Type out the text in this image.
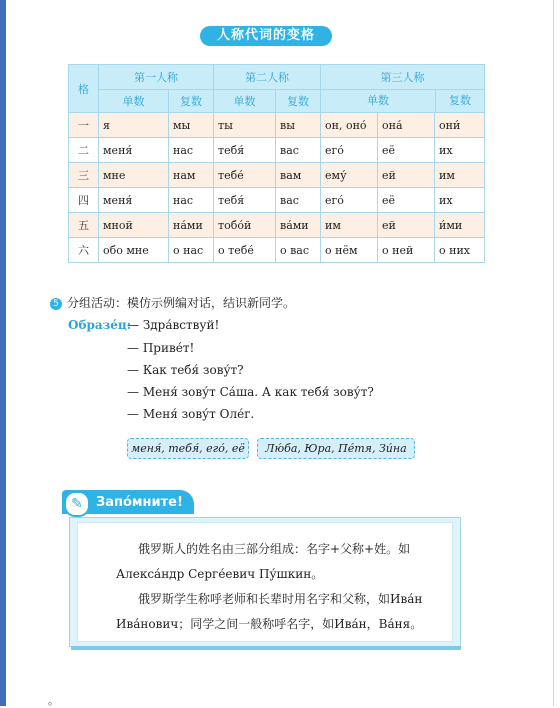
人称代词的变格
格	第一人称		第二人称		第三人称		
	单数	复数	单数	复数	单数 复数		

一	я	мы	ты	вы	он, оно́	она́	они́
二	меня́	нас	тебя́	вас	его́	её	их
三	мне	нам	тебе́	вам	ему́	ей	им
四	меня́	нас	тебя́	вас	его́	её	их
五	мной	на́ми	тобо́й	ва́ми	им	ей	и́ми
六	обо мне	о нас	о тебе́	о вас	о нём	о ней	о них
5 分组活动：模仿示例编对话，结识新同学。
Образе́ц:
— Здра́вствуй!
— Приве́т!
— Как тебя́ зову́т?
— Меня́ зову́т Са́ша. А как тебя́ зову́т?
— Меня́ зову́т Оле́г.
меня́, тебя́, его́, её	Лю́ба, Юра, Пе́тя, Зи́на
✎	Запо́мните!
俄罗斯人的姓名由三部分组成：名字+父称+姓。如
Алекса́ндр Серге́евич Пу́шкин。
俄罗斯学生称呼老师和长辈时用名字和父称，如Ива́н
Ива́нович；同学之间一般称呼名字，如Ива́н，Ва́ня。
。
